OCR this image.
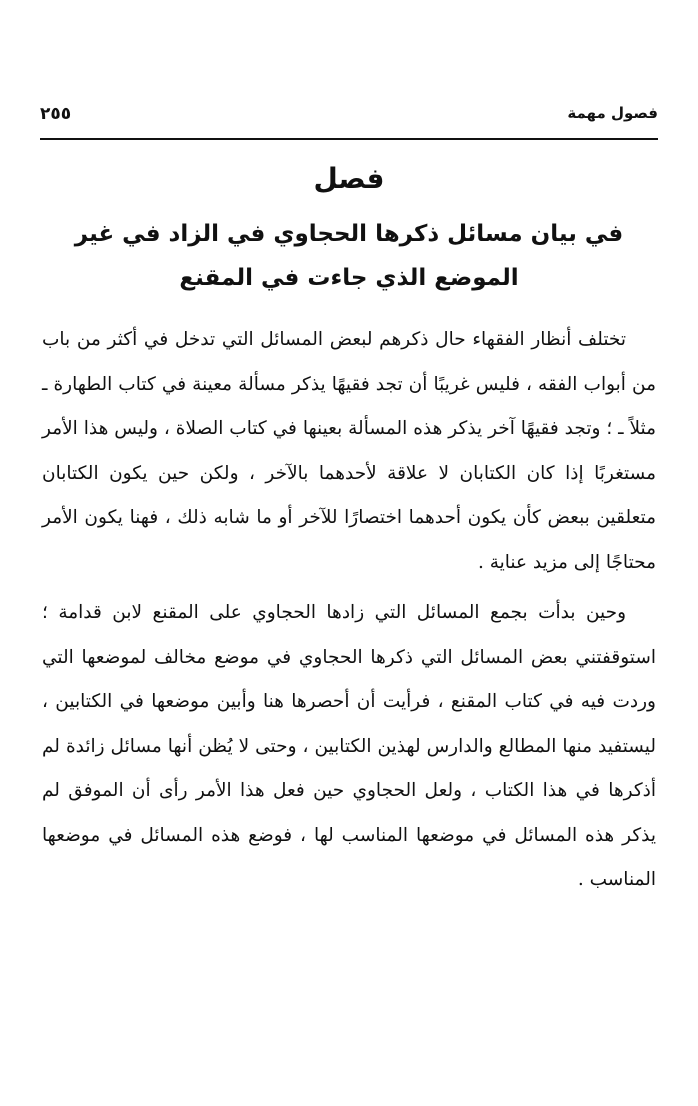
فصول مهمة
٢٥٥
فصل
في بيان مسائل ذكرها الحجاوي في الزاد في غير الموضع الذي جاءت في المقنع

تختلف أنظار الفقهاء حال ذكرهم لبعض المسائل التي تدخل في أكثر من باب من أبواب الفقه ، فليس غريبًا أن تجد فقيهًا يذكر مسألة معينة في كتاب الطهارة ـ مثلاً ـ ؛ وتجد فقيهًا آخر يذكر هذه المسألة بعينها في كتاب الصلاة ، وليس هذا الأمر مستغربًا إذا كان الكتابان لا علاقة لأحدهما بالآخر ، ولكن حين يكون الكتابان متعلقين ببعض كأن يكون أحدهما اختصارًا للآخر أو ما شابه ذلك ، فهنا يكون الأمر محتاجًا إلى مزيد عناية .

وحين بدأت بجمع المسائل التي زادها الحجاوي على المقنع لابن قدامة ؛ استوقفتني بعض المسائل التي ذكرها الحجاوي في موضع مخالف لموضعها التي وردت فيه في كتاب المقنع ، فرأيت أن أحصرها هنا وأبين موضعها في الكتابين ، ليستفيد منها المطالع والدارس لهذين الكتابين ، وحتى لا يُظن أنها مسائل زائدة لم أذكرها في هذا الكتاب ، ولعل الحجاوي حين فعل هذا الأمر رأى أن الموفق لم يذكر هذه المسائل في موضعها المناسب لها ، فوضع هذه المسائل في موضعها المناسب .
